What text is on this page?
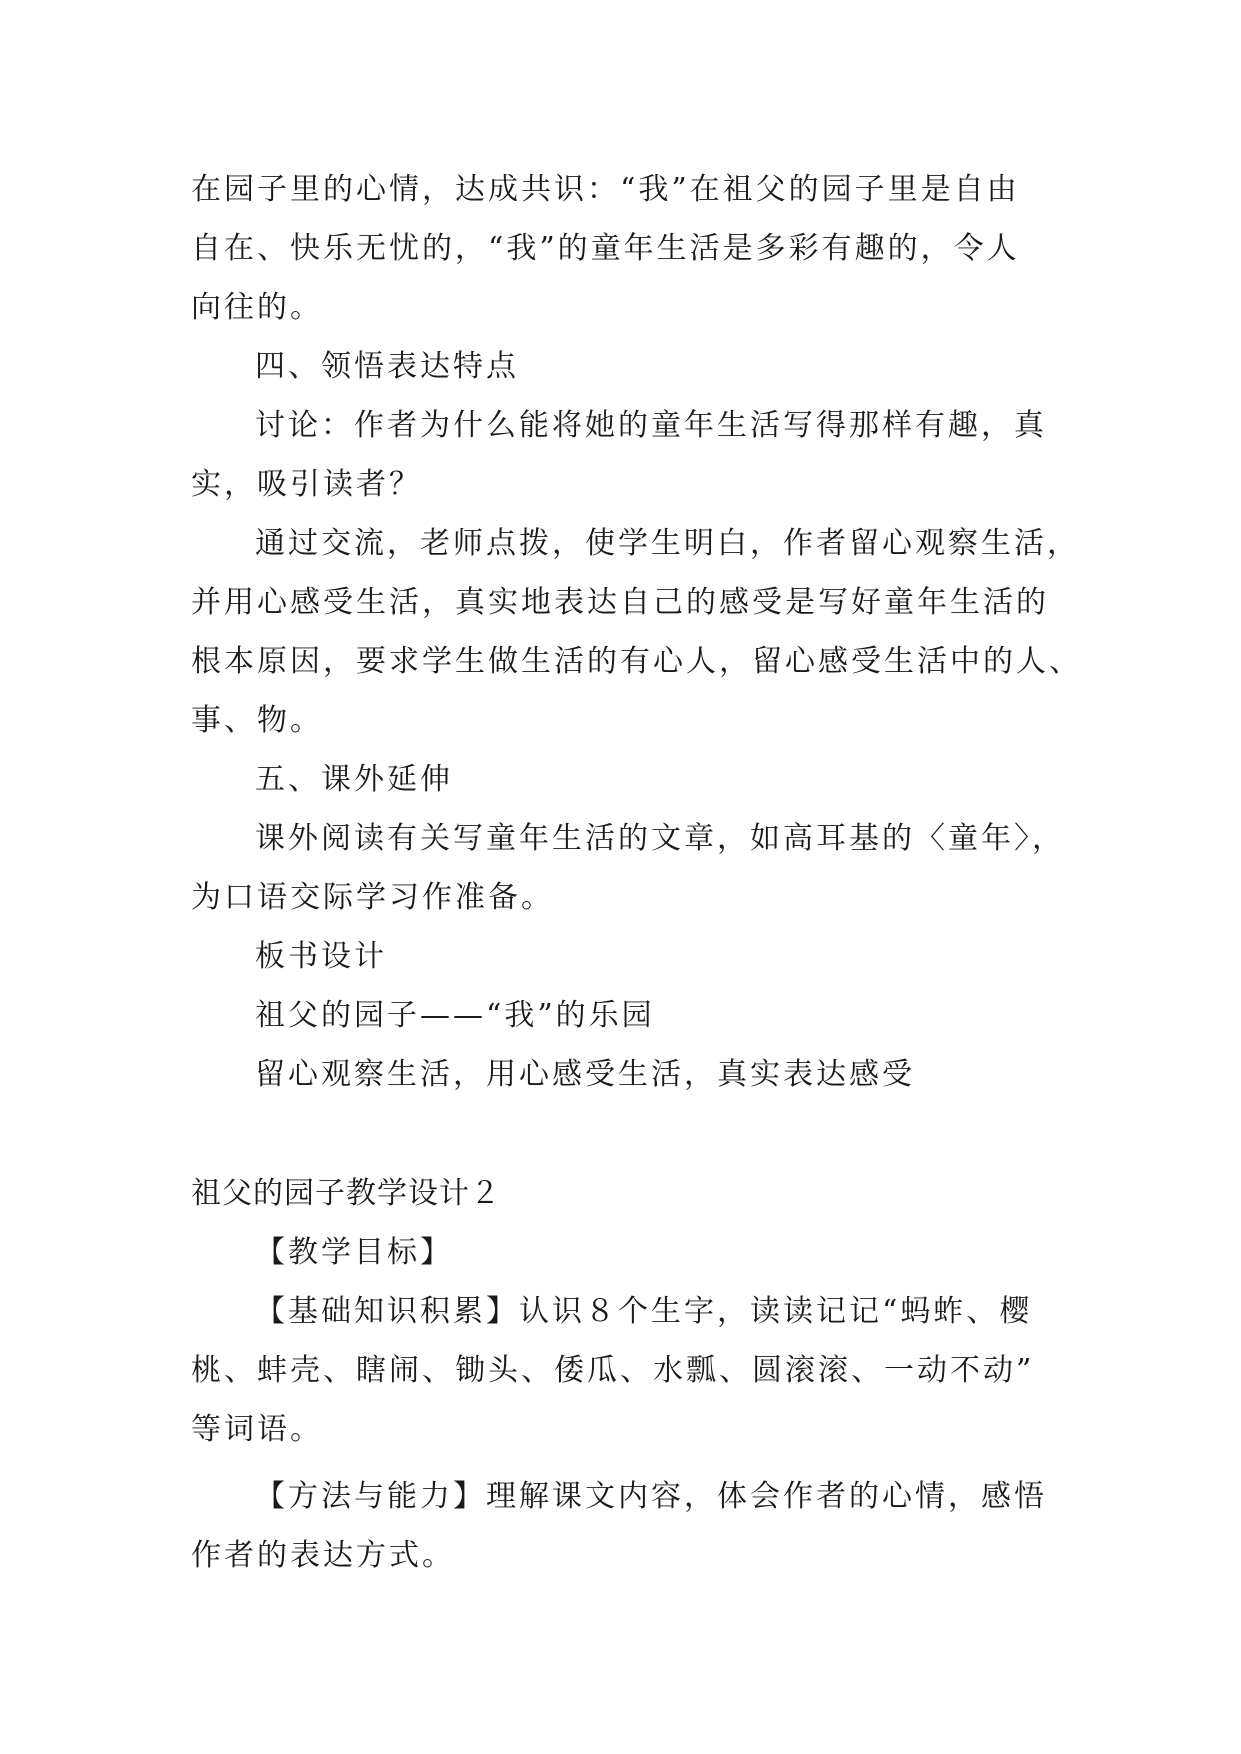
在园子里的心情，达成共识：“我”在祖父的园子里是自由
自在、快乐无忧的，“我”的童年生活是多彩有趣的，令人
向往的。
四、领悟表达特点
讨论：作者为什么能将她的童年生活写得那样有趣，真
实，吸引读者？
通过交流，老师点拨，使学生明白，作者留心观察生活，
并用心感受生活，真实地表达自己的感受是写好童年生活的
根本原因，要求学生做生活的有心人，留心感受生活中的人、
事、物。
五、课外延伸
课外阅读有关写童年生活的文章，如高耳基的〈童年〉，
为口语交际学习作准备。
板书设计
祖父的园子——“我”的乐园
留心观察生活，用心感受生活，真实表达感受
祖父的园子教学设计２
【教学目标】
【基础知识积累】认识８个生字，读读记记“蚂蚱、樱
桃、蚌壳、瞎闹、锄头、倭瓜、水瓢、圆滚滚、一动不动”
等词语。
【方法与能力】理解课文内容，体会作者的心情，感悟
作者的表达方式。
